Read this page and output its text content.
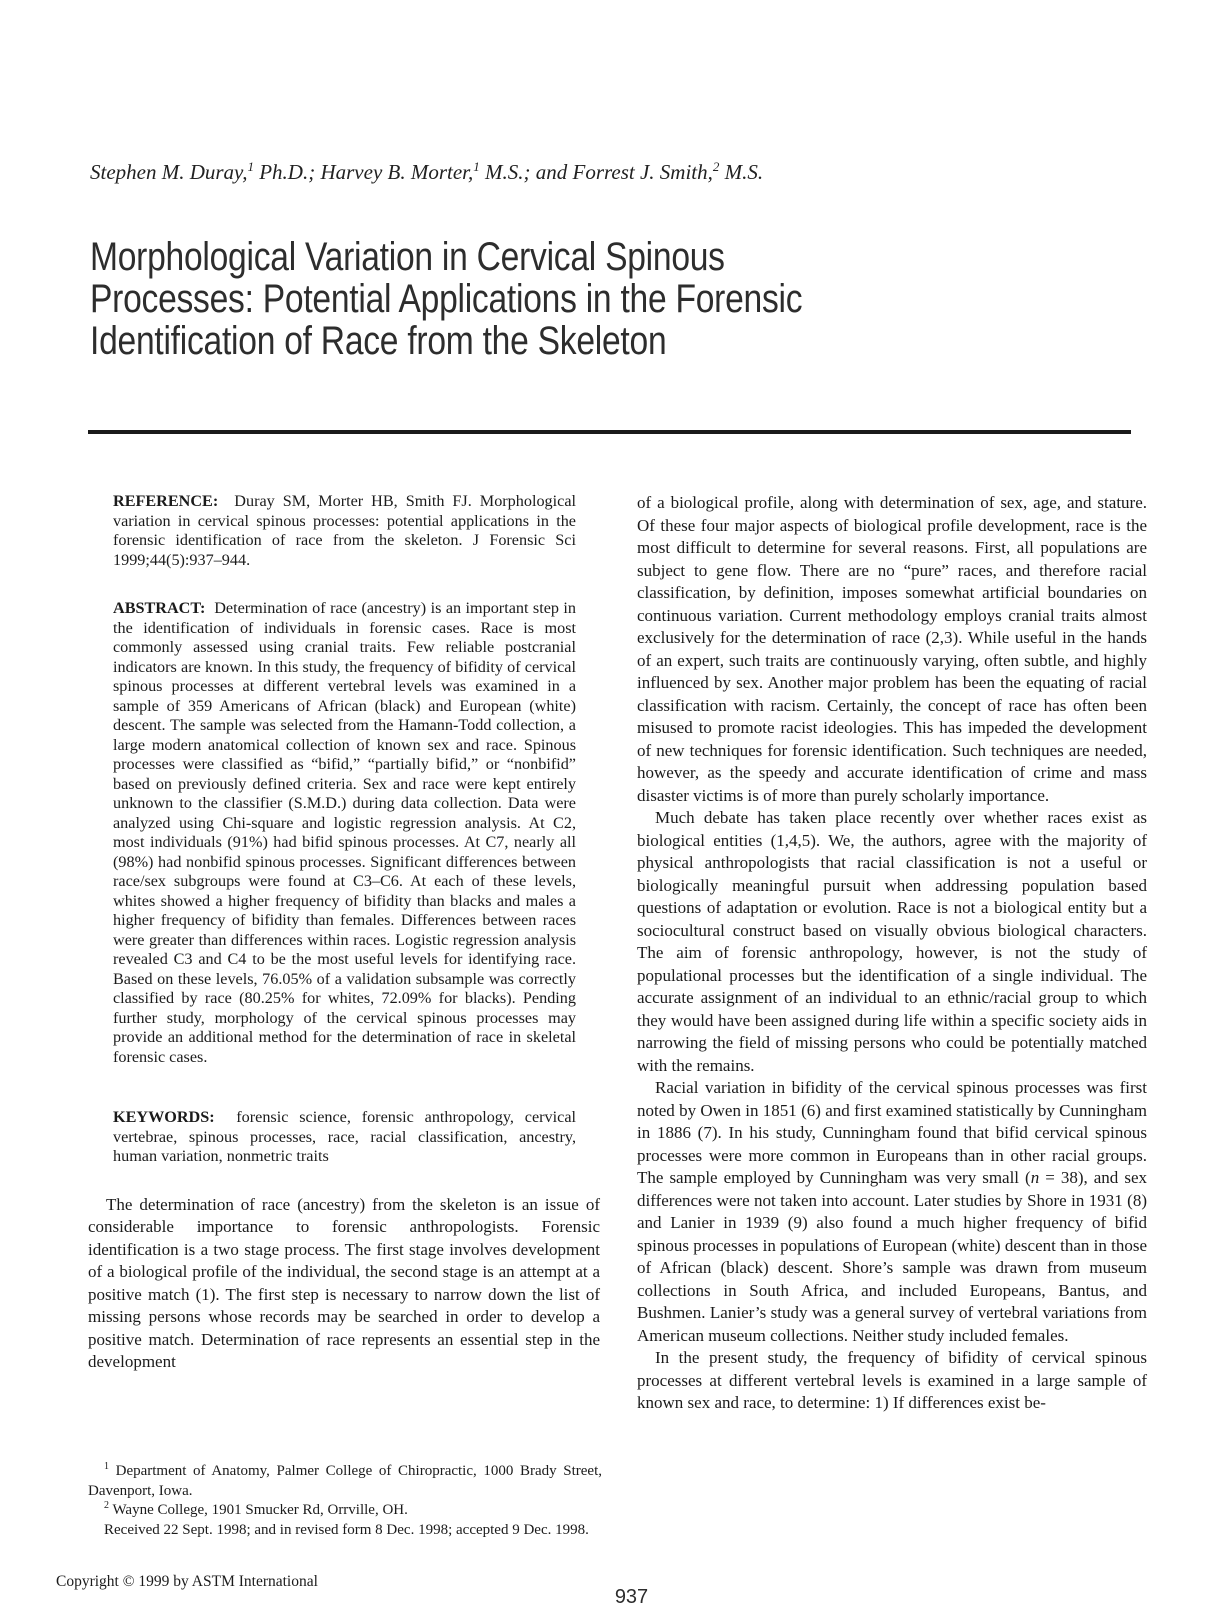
Stephen M. Duray,$^1$ Ph.D.; Harvey B. Morter,$^1$ M.S.; and Forrest J. Smith,$^2$ M.S.
Morphological Variation in Cervical Spinous
Processes: Potential Applications in the Forensic
Identification of Race from the Skeleton

REFERENCE: Duray SM, Morter HB, Smith FJ. Morphological variation in cervical spinous processes: potential applications in the forensic identification of race from the skeleton. J Forensic Sci 1999;44(5):937–944.

ABSTRACT: Determination of race (ancestry) is an important step in the identification of individuals in forensic cases. Race is most commonly assessed using cranial traits. Few reliable postcranial indicators are known. In this study, the frequency of bifidity of cervical spinous processes at different vertebral levels was examined in a sample of 359 Americans of African (black) and European (white) descent. The sample was selected from the Hamann-Todd collection, a large modern anatomical collection of known sex and race. Spinous processes were classified as “bifid,” “partially bifid,” or “nonbifid” based on previously defined criteria. Sex and race were kept entirely unknown to the classifier (S.M.D.) during data collection. Data were analyzed using Chi-square and logistic regression analysis. At C2, most individuals (91%) had bifid spinous processes. At C7, nearly all (98%) had nonbifid spinous processes. Significant differences between race/sex subgroups were found at C3–C6. At each of these levels, whites showed a higher frequency of bifidity than blacks and males a higher frequency of bifidity than females. Differences between races were greater than differences within races. Logistic regression analysis revealed C3 and C4 to be the most useful levels for identifying race. Based on these levels, 76.05% of a validation subsample was correctly classified by race (80.25% for whites, 72.09% for blacks). Pending further study, morphology of the cervical spinous processes may provide an additional method for the determination of race in skeletal forensic cases.

KEYWORDS: forensic science, forensic anthropology, cervical vertebrae, spinous processes, race, racial classification, ancestry, human variation, nonmetric traits

The determination of race (ancestry) from the skeleton is an issue of considerable importance to forensic anthropologists. Forensic identification is a two stage process. The first stage involves development of a biological profile of the individual, the second stage is an attempt at a positive match (1). The first step is necessary to narrow down the list of missing persons whose records may be searched in order to develop a positive match. Determination of race represents an essential step in the development

of a biological profile, along with determination of sex, age, and stature. Of these four major aspects of biological profile development, race is the most difficult to determine for several reasons. First, all populations are subject to gene flow. There are no “pure” races, and therefore racial classification, by definition, imposes somewhat artificial boundaries on continuous variation. Current methodology employs cranial traits almost exclusively for the determination of race (2,3). While useful in the hands of an expert, such traits are continuously varying, often subtle, and highly influenced by sex. Another major problem has been the equating of racial classification with racism. Certainly, the concept of race has often been misused to promote racist ideologies. This has impeded the development of new techniques for forensic identification. Such techniques are needed, however, as the speedy and accurate identification of crime and mass disaster victims is of more than purely scholarly importance.

Much debate has taken place recently over whether races exist as biological entities (1,4,5). We, the authors, agree with the majority of physical anthropologists that racial classification is not a useful or biologically meaningful pursuit when addressing population based questions of adaptation or evolution. Race is not a biological entity but a sociocultural construct based on visually obvious biological characters. The aim of forensic anthropology, however, is not the study of populational processes but the identification of a single individual. The accurate assignment of an individual to an ethnic/racial group to which they would have been assigned during life within a specific society aids in narrowing the field of missing persons who could be potentially matched with the remains.

Racial variation in bifidity of the cervical spinous processes was first noted by Owen in 1851 (6) and first examined statistically by Cunningham in 1886 (7). In his study, Cunningham found that bifid cervical spinous processes were more common in Europeans than in other racial groups. The sample employed by Cunningham was very small (n = 38), and sex differences were not taken into account. Later studies by Shore in 1931 (8) and Lanier in 1939 (9) also found a much higher frequency of bifid spinous processes in populations of European (white) descent than in those of African (black) descent. Shore’s sample was drawn from museum collections in South Africa, and included Europeans, Bantus, and Bushmen. Lanier’s study was a general survey of vertebral variations from American museum collections. Neither study included females.

In the present study, the frequency of bifidity of cervical spinous processes at different vertebral levels is examined in a large sample of known sex and race, to determine: 1) If differences exist be-

$^1$ Department of Anatomy, Palmer College of Chiropractic, 1000 Brady Street, Davenport, Iowa.

$^2$ Wayne College, 1901 Smucker Rd, Orrville, OH.

Received 22 Sept. 1998; and in revised form 8 Dec. 1998; accepted 9 Dec. 1998.

Copyright © 1999 by ASTM International
937
